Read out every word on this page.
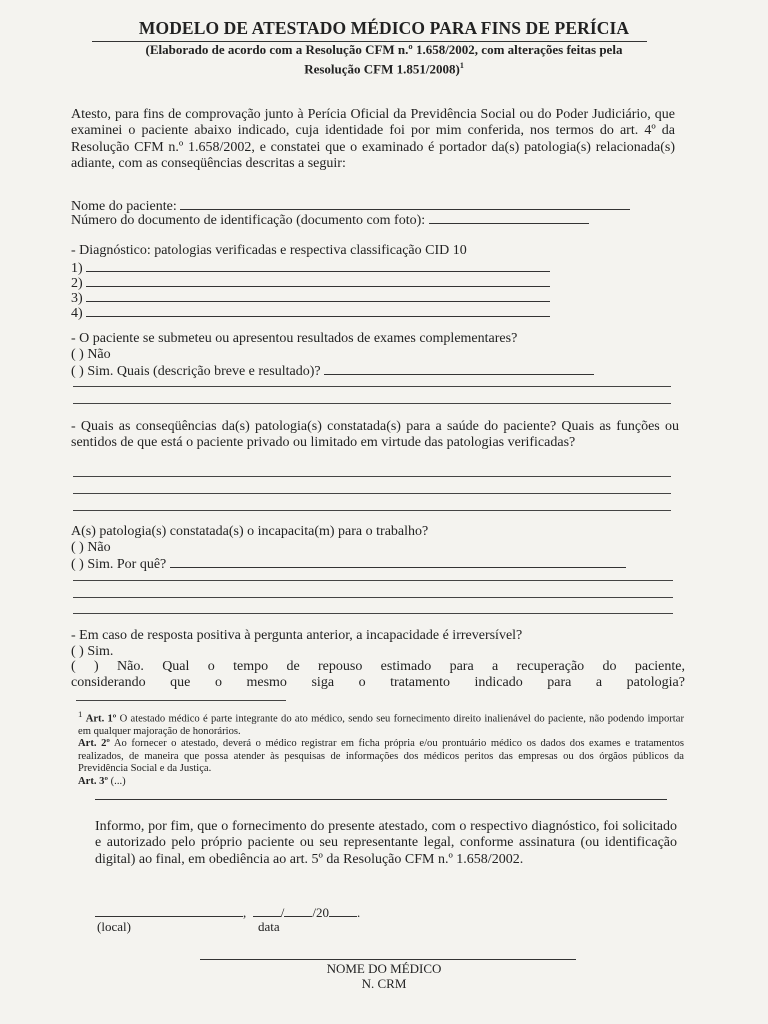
MODELO DE ATESTADO MÉDICO PARA FINS DE PERÍCIA
(Elaborado de acordo com a Resolução CFM n.º 1.658/2002, com alterações feitas pela
Resolução CFM 1.851/2008)$^1$
Atesto, para fins de comprovação junto à Perícia Oficial da Previdência Social ou do Poder Judiciário, que examinei o paciente abaixo indicado, cuja identidade foi por mim conferida, nos termos do art. 4º da Resolução CFM n.º 1.658/2002, e constatei que o examinado é portador da(s) patologia(s) relacionada(s) adiante, com as conseqüências descritas a seguir:
Nome do paciente:
Número do documento de identificação (documento com foto):
- Diagnóstico: patologias verificadas e respectiva classificação CID 10
1)
2)
3)
4)
- O paciente se submeteu ou apresentou resultados de exames complementares?
( ) Não
( ) Sim. Quais (descrição breve e resultado)?
- Quais as conseqüências da(s) patologia(s) constatada(s) para a saúde do paciente? Quais as funções ou sentidos de que está o paciente privado ou limitado em virtude das patologias verificadas?
A(s) patologia(s) constatada(s) o incapacita(m) para o trabalho?
( ) Não
( ) Sim. Por quê?
- Em caso de resposta positiva à pergunta anterior, a incapacidade é irreversível?
( ) Sim.
( ) Não. Qual o tempo de repouso estimado para a recuperação do paciente,
considerando que o mesmo siga o tratamento indicado para a patologia?
$^1$ Art. 1º O atestado médico é parte integrante do ato médico, sendo seu fornecimento direito inalienável do paciente, não podendo importar em qualquer majoração de honorários.
Art. 2º Ao fornecer o atestado, deverá o médico registrar em ficha própria e/ou prontuário médico os dados dos exames e tratamentos realizados, de maneira que possa atender às pesquisas de informações dos médicos peritos das empresas ou dos órgãos públicos da Previdência Social e da Justiça.
Art. 3º (...)
Informo, por fim, que o fornecimento do presente atestado, com o respectivo diagnóstico, foi solicitado e autorizado pelo próprio paciente ou seu representante legal, conforme assinatura (ou identificação digital) ao final, em obediência ao art. 5º da Resolução CFM n.º 1.658/2002.
,	/ /20 .
(local)	data
NOME DO MÉDICO
N. CRM
